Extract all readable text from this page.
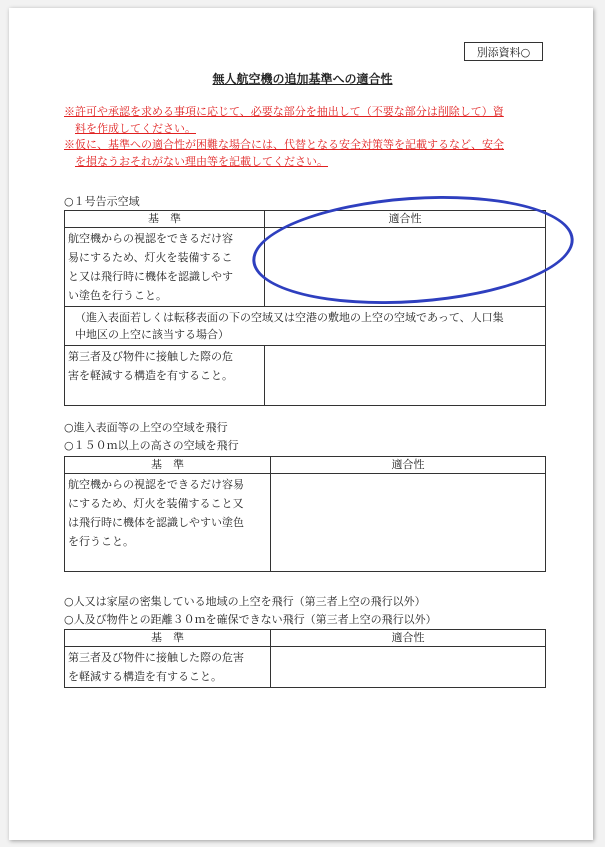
別添資料○
無人航空機の追加基準への適合性

※許可や承認を求める事項に応じて、必要な部分を抽出して（不要な部分は削除して）資

料を作成してください。

※仮に、基準への適合性が困難な場合には、代替となる安全対策等を記載するなど、安全

を損なうおそれがない理由等を記載してください。

○１号告示空域
基　準	適合性

航空機からの視認をできるだけ容
易にするため、灯火を装備するこ
と又は飛行時に機体を認識しやす
い塗色を行うこと。	

（進入表面若しくは転移表面の下の空域又は空港の敷地の上空の空域であって、人口集
中地区の上空に該当する場合）	

第三者及び物件に接触した際の危
害を軽減する構造を有すること。	

○進入表面等の上空の空域を飛行
○１５０ｍ以上の高さの空域を飛行
基　準	適合性

航空機からの視認をできるだけ容易
にするため、灯火を装備すること又
は飛行時に機体を認識しやすい塗色
を行うこと。	

○人又は家屋の密集している地域の上空を飛行（第三者上空の飛行以外）
○人及び物件との距離３０ｍを確保できない飛行（第三者上空の飛行以外）
基　準	適合性

第三者及び物件に接触した際の危害
を軽減する構造を有すること。	
